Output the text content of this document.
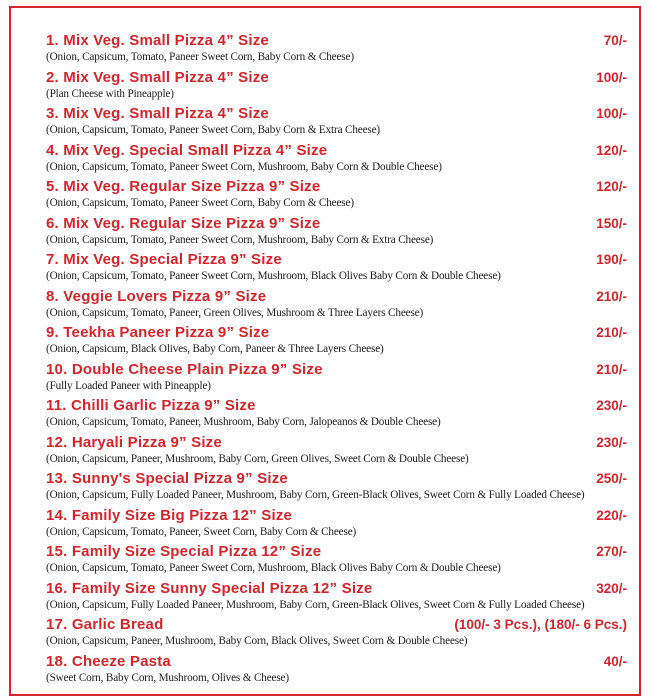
1. Mix Veg. Small Pizza 4” Size	70/-
(Onion, Capsicum, Tomato, Paneer Sweet Corn, Baby Corn & Cheese)
2. Mix Veg. Small Pizza 4” Size	100/-
(Plan Cheese with Pineapple)
3. Mix Veg. Small Pizza 4” Size	100/-
(Onion, Capsicum, Tomato, Paneer Sweet Corn, Baby Corn & Extra Cheese)
4. Mix Veg. Special Small Pizza 4” Size	120/-
(Onion, Capsicum, Tomato, Paneer Sweet Corn, Mushroom, Baby Corn & Double Cheese)
5. Mix Veg. Regular Size Pizza 9” Size	120/-
(Onion, Capsicum, Tomato, Paneer Sweet Corn, Baby Corn & Cheese)
6. Mix Veg. Regular Size Pizza 9” Size	150/-
(Onion, Capsicum, Tomato, Paneer Sweet Corn, Mushroom, Baby Corn & Extra Cheese)
7. Mix Veg. Special Pizza 9” Size	190/-
(Onion, Capsicum, Tomato, Paneer Sweet Corn, Mushroom, Black Olives Baby Corn & Double Cheese)
8. Veggie Lovers Pizza 9” Size	210/-
(Onion, Capsicum, Tomato, Paneer, Green Olives, Mushroom & Three Layers Cheese)
9. Teekha Paneer Pizza 9” Size	210/-
(Onion, Capsicum, Black Olives, Baby Corn, Paneer & Three Layers Cheese)
10. Double Cheese Plain Pizza 9” Size	210/-
(Fully Loaded Paneer with Pineapple)
11. Chilli Garlic Pizza 9” Size	230/-
(Onion, Capsicum, Tomato, Paneer, Mushroom, Baby Corn, Jalopeanos & Double Cheese)
12. Haryali Pizza 9” Size	230/-
(Onion, Capsicum, Paneer, Mushroom, Baby Corn, Green Olives, Sweet Corn & Double Cheese)
13. Sunny's Special Pizza 9” Size	250/-
(Onion, Capsicum, Fully Loaded Paneer, Mushroom, Baby Corn, Green-Black Olives, Sweet Corn & Fully Loaded Cheese)
14. Family Size Big Pizza 12” Size	220/-
(Onion, Capsicum, Tomato, Paneer, Sweet Corn, Baby Corn & Cheese)
15. Family Size Special Pizza 12” Size	270/-
(Onion, Capsicum, Tomato, Paneer Sweet Corn, Mushroom, Black Olives Baby Corn & Double Cheese)
16. Family Size Sunny Special Pizza 12” Size	320/-
(Onion, Capsicum, Fully Loaded Paneer, Mushroom, Baby Corn, Green-Black Olives, Sweet Corn & Fully Loaded Cheese)
17. Garlic Bread	(100/- 3 Pcs.), (180/- 6 Pcs.)
(Onion, Capsicum, Paneer, Mushroom, Baby Corn, Black Olives, Sweet Corn & Double Cheese)
18. Cheeze Pasta	40/-
(Sweet Corn, Baby Corn, Mushroom, Olives & Cheese)
